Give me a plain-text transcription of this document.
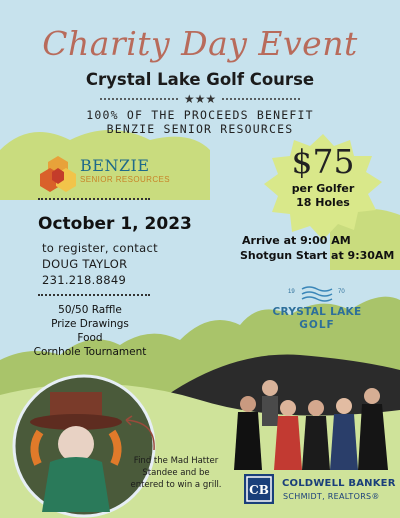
Charity Day Event
Crystal Lake Golf Course
★★★
100% OF THE PROCEEDS BENEFIT
BENZIE SENIOR RESOURCES
BENZIE
SENIOR RESOURCES
October 1, 2023
to register, contact
DOUG TAYLOR
231.218.8849
50/50 Raffle
Prize Drawings
Food
Cornhole Tournament
$75
per Golfer
18 Holes
Arrive at 9:00 AM
Shotgun Start at 9:30AM
19	70
CRYSTAL LAKE
GOLF
Find the Mad Hatter
Standee and be
entered to win a grill.	CB COLDWELL BANKER
SCHMIDT, REALTORS®
